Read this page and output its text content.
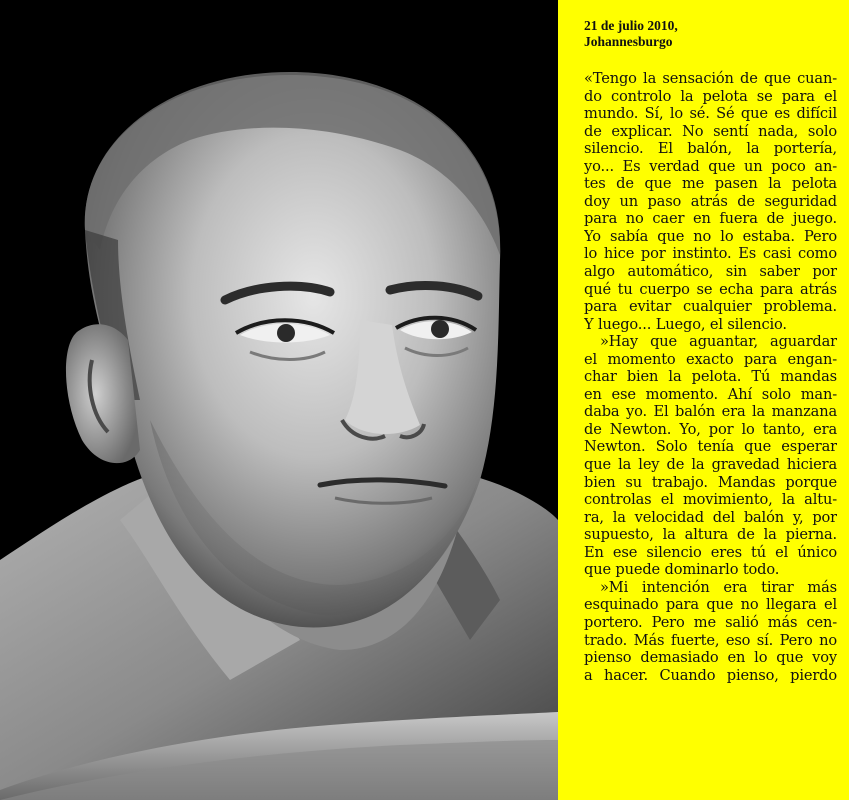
21 de julio 2010,
Johannesburgo
«Tengo la sensación de que cuan-
do controlo la pelota se para el
mundo. Sí, lo sé. Sé que es difícil
de explicar. No sentí nada, solo
silencio. El balón, la portería,
yo... Es verdad que un poco an-
tes de que me pasen la pelota
doy un paso atrás de seguridad
para no caer en fuera de juego.
Yo sabía que no lo estaba. Pero
lo hice por instinto. Es casi como
algo automático, sin saber por
qué tu cuerpo se echa para atrás
para evitar cualquier problema.
Y luego... Luego, el silencio.
»Hay que aguantar, aguardar
el momento exacto para engan-
char bien la pelota. Tú mandas
en ese momento. Ahí solo man-
daba yo. El balón era la manzana
de Newton. Yo, por lo tanto, era
Newton. Solo tenía que esperar
que la ley de la gravedad hiciera
bien su trabajo. Mandas porque
controlas el movimiento, la altu-
ra, la velocidad del balón y, por
supuesto, la altura de la pierna.
En ese silencio eres tú el único
que puede dominarlo todo.
»Mi intención era tirar más
esquinado para que no llegara el
portero. Pero me salió más cen-
trado. Más fuerte, eso sí. Pero no
pienso demasiado en lo que voy
a hacer. Cuando pienso, pierdo
